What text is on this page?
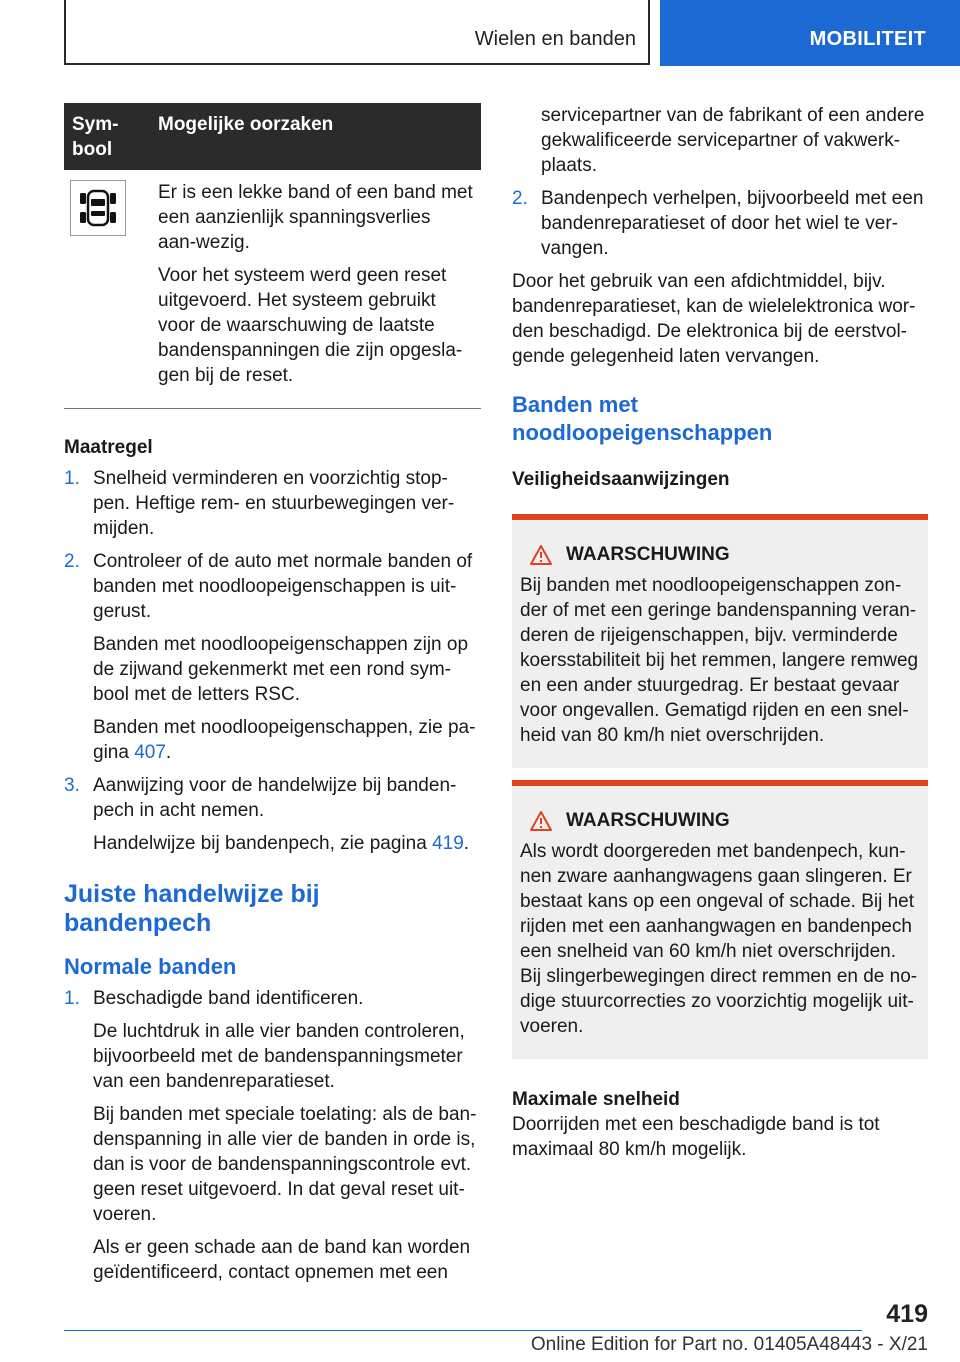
Wielen en banden	MOBILITEIT
Sym-
bool	Mogelijke oorzaken

Er is een lekke band of een band met een aanzienlijk spanningsverlies aan-wezig.

Voor het systeem werd geen reset uitgevoerd. Het systeem gebruikt voor de waarschuwing de laatste bandenspanningen die zijn opgesla-gen bij de reset.

Maatregel

1. Snelheid verminderen en voorzichtig stop-pen. Heftige rem- en stuurbewegingen ver-mijden.

2. Controleer of de auto met normale banden of banden met noodloopeigenschappen is uit-gerust.

Banden met noodloopeigenschappen zijn op de zijwand gekenmerkt met een rond sym-bool met de letters RSC.

Banden met noodloopeigenschappen, zie pa-gina 407.

3. Aanwijzing voor de handelwijze bij banden-pech in acht nemen.

Handelwijze bij bandenpech, zie pagina 419.

Juiste handelwijze bij bandenpech
Normale banden
1. Beschadigde band identificeren.

De luchtdruk in alle vier banden controleren, bijvoorbeeld met de bandenspanningsmeter van een bandenreparatieset.

Bij banden met speciale toelating: als de ban-denspanning in alle vier de banden in orde is, dan is voor de bandenspanningscontrole evt. geen reset uitgevoerd. In dat geval reset uit-voeren.

Als er geen schade aan de band kan worden geïdentificeerd, contact opnemen met een

servicepartner van de fabrikant of een andere gekwalificeerde servicepartner of vakwerk-plaats.
2. Bandenpech verhelpen, bijvoorbeeld met een bandenreparatieset of door het wiel te ver-vangen.

Door het gebruik van een afdichtmiddel, bijv. bandenreparatieset, kan de wielelektronica wor-den beschadigd. De elektronica bij de eerstvol-gende gelegenheid laten vervangen.

Banden met noodloopeigenschappen

Veiligheidsaanwijzingen

WAARSCHUWING

Bij banden met noodloopeigenschappen zon-der of met een geringe bandenspanning veran-deren de rijeigenschappen, bijv. verminderde koersstabiliteit bij het remmen, langere remweg en een ander stuurgedrag. Er bestaat gevaar voor ongevallen. Gematigd rijden en een snel-heid van 80 km/h niet overschrijden.

WAARSCHUWING

Als wordt doorgereden met bandenpech, kun-nen zware aanhangwagens gaan slingeren. Er bestaat kans op een ongeval of schade. Bij het rijden met een aanhangwagen en bandenpech een snelheid van 60 km/h niet overschrijden. Bij slingerbewegingen direct remmen en de no-dige stuurcorrecties zo voorzichtig mogelijk uit-voeren.

Maximale snelheid

Doorrijden met een beschadigde band is tot maximaal 80 km/h mogelijk.

419
Online Edition for Part no. 01405A48443 - X/21
